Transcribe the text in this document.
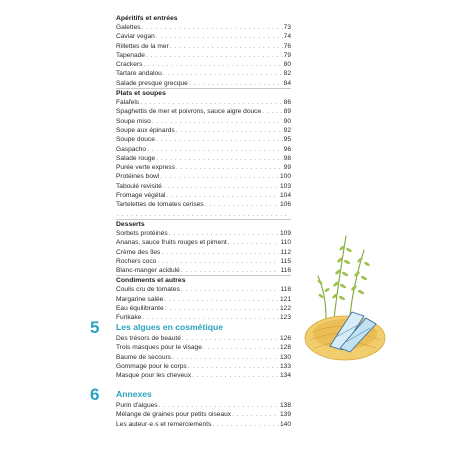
Apéritifs et entrées
Galettes . . .	73
Caviar vegan . . .	74
Rillettes de la mer . . .	76
Tapenade . . .	79
Crackers . . .	80
Tartare andalou . . .	82
Salade presque grecque . . .	84
Plats et soupes
Falafels . . .	86
Spaghettis de mer et poivrons, sauce aigre douce . . .	89
Soupe miso . . .	90
Soupe aux épinards . . .	92
Soupe douce . . .	95
Gaspacho . . .	96
Salade rouge . . .	98
Purée verte express . . .	99
Protéines bowl . . .	100
Taboulé revisité . . .	103
Fromage végétal . . .	104
Tartelettes de tomates cerises . . .	106
. . .
Desserts
Sorbets protéinés . . .	109
Ananas, sauce fruits rouges et piment . . .	110
Crème des îles . . .	112
Rochers coco . . .	115
Blanc-manger acidulé . . .	116
Condiments et autres
Coulis cru de tomates . . .	118
Margarine salée . . .	121
Eau équilibrante . . .	122
Furikake . . .	123
5 Les algues en cosmétique
Des trésors de beauté . . .	126
Trois masques pour le visage . . .	128
Baume de secours . . .	130
Gommage pour le corps . . .	133
Masque pour les cheveux . . .	134
6 Annexes
Purin d'algues . . .	138
Mélange de graines pour petits oiseaux . . .	139
Les auteur·e·s et remerciements . . .	140
